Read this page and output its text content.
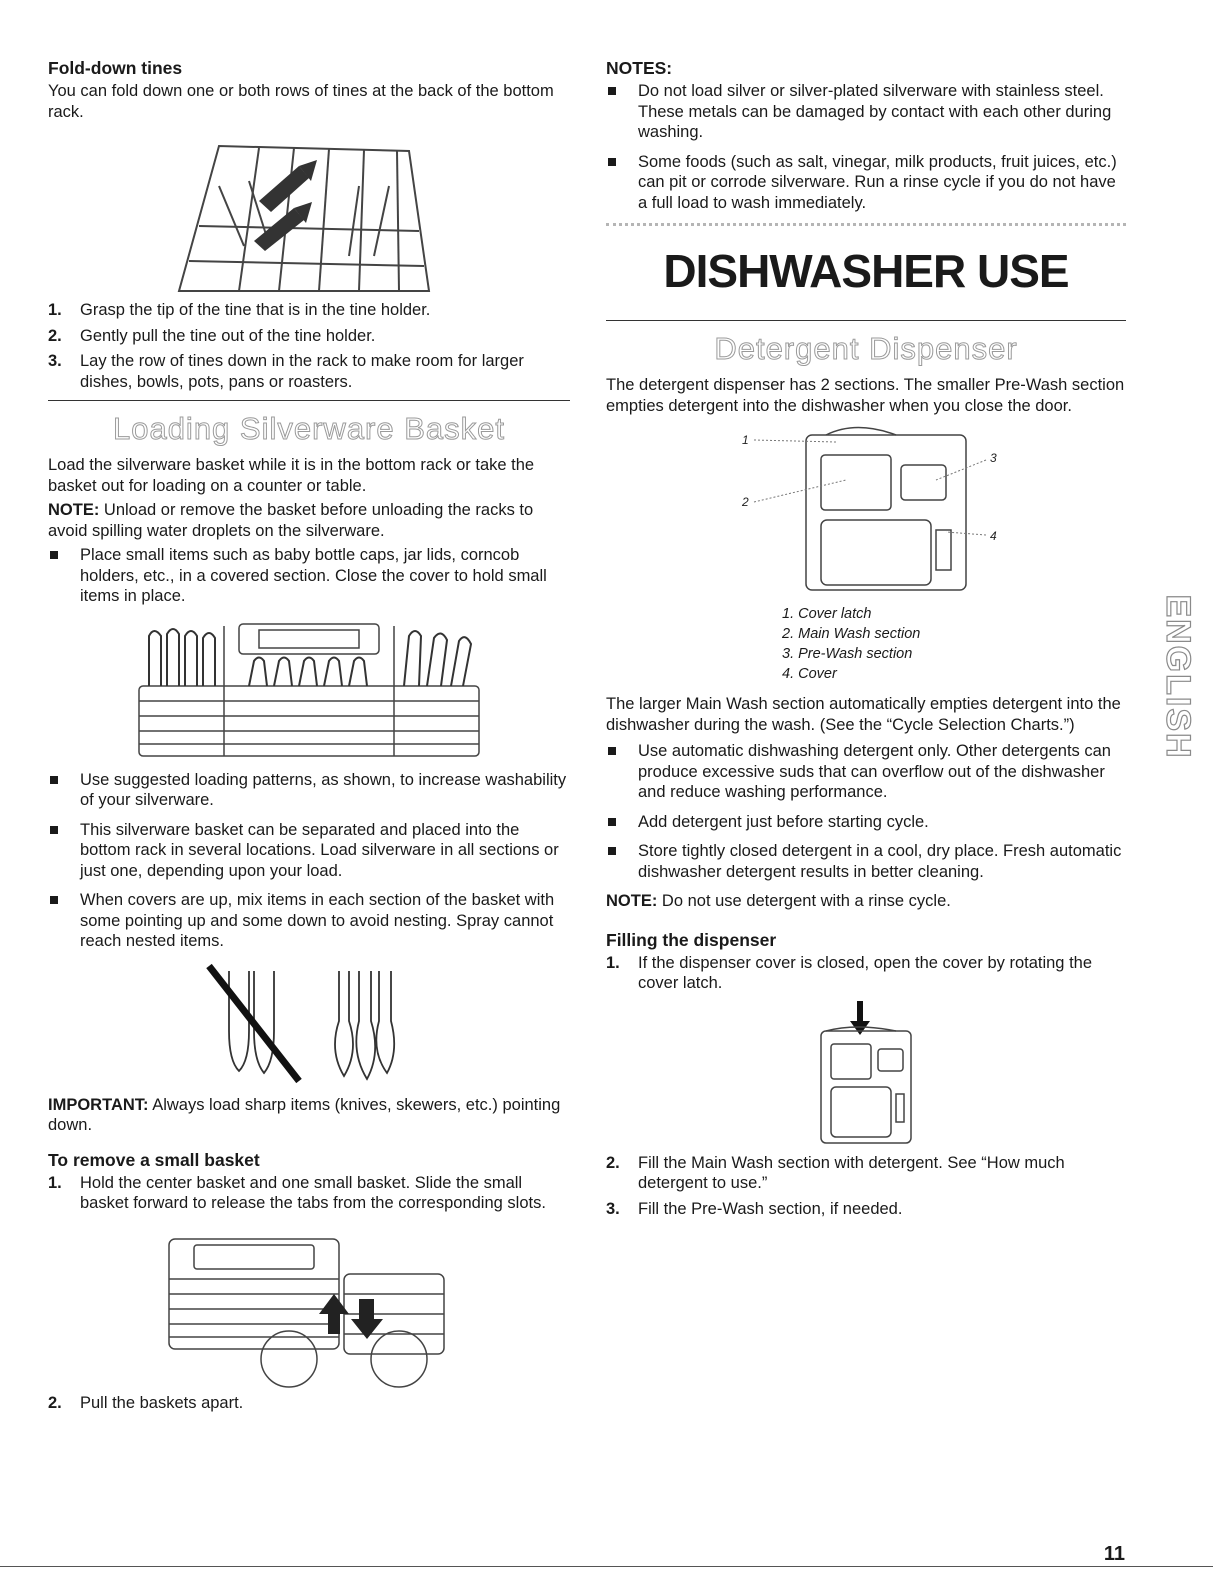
Fold-down tines

You can fold down one or both rows of tines at the back of the bottom rack.

1. Grasp the tip of the tine that is in the tine holder.
2. Gently pull the tine out of the tine holder.
3. Lay the row of tines down in the rack to make room for larger dishes, bowls, pots, pans or roasters.
Loading Silverware Basket

Load the silverware basket while it is in the bottom rack or take the basket out for loading on a counter or table.

NOTE: Unload or remove the basket before unloading the racks to avoid spilling water droplets on the silverware.

Place small items such as baby bottle caps, jar lids, corncob holders, etc., in a covered section. Close the cover to hold small items in place.
Use suggested loading patterns, as shown, to increase washability of your silverware.
This silverware basket can be separated and placed into the bottom rack in several locations. Load silverware in all sections or just one, depending upon your load.
When covers are up, mix items in each section of the basket with some pointing up and some down to avoid nesting. Spray cannot reach nested items.

IMPORTANT: Always load sharp items (knives, skewers, etc.) pointing down.

To remove a small basket
1. Hold the center basket and one small basket. Slide the small basket forward to release the tabs from the corresponding slots.
2. Pull the baskets apart.
NOTES:
Do not load silver or silver-plated silverware with stainless steel. These metals can be damaged by contact with each other during washing.
Some foods (such as salt, vinegar, milk products, fruit juices, etc.) can pit or corrode silverware. Run a rinse cycle if you do not have a full load to wash immediately.
DISHWASHER USE
Detergent Dispenser

The detergent dispenser has 2 sections. The smaller Pre-Wash section empties detergent into the dishwasher when you close the door.

1
2
3
4
1. Cover latch
2. Main Wash section
3. Pre-Wash section
4. Cover

The larger Main Wash section automatically empties detergent into the dishwasher during the wash. (See the “Cycle Selection Charts.”)

Use automatic dishwashing detergent only. Other detergents can produce excessive suds that can overflow out of the dishwasher and reduce washing performance.
Add detergent just before starting cycle.
Store tightly closed detergent in a cool, dry place. Fresh automatic dishwasher detergent results in better cleaning.

NOTE: Do not use detergent with a rinse cycle.

Filling the dispenser
1. If the dispenser cover is closed, open the cover by rotating the cover latch.
2. Fill the Main Wash section with detergent. See “How much detergent to use.”
3. Fill the Pre-Wash section, if needed.
ENGLISH
11
